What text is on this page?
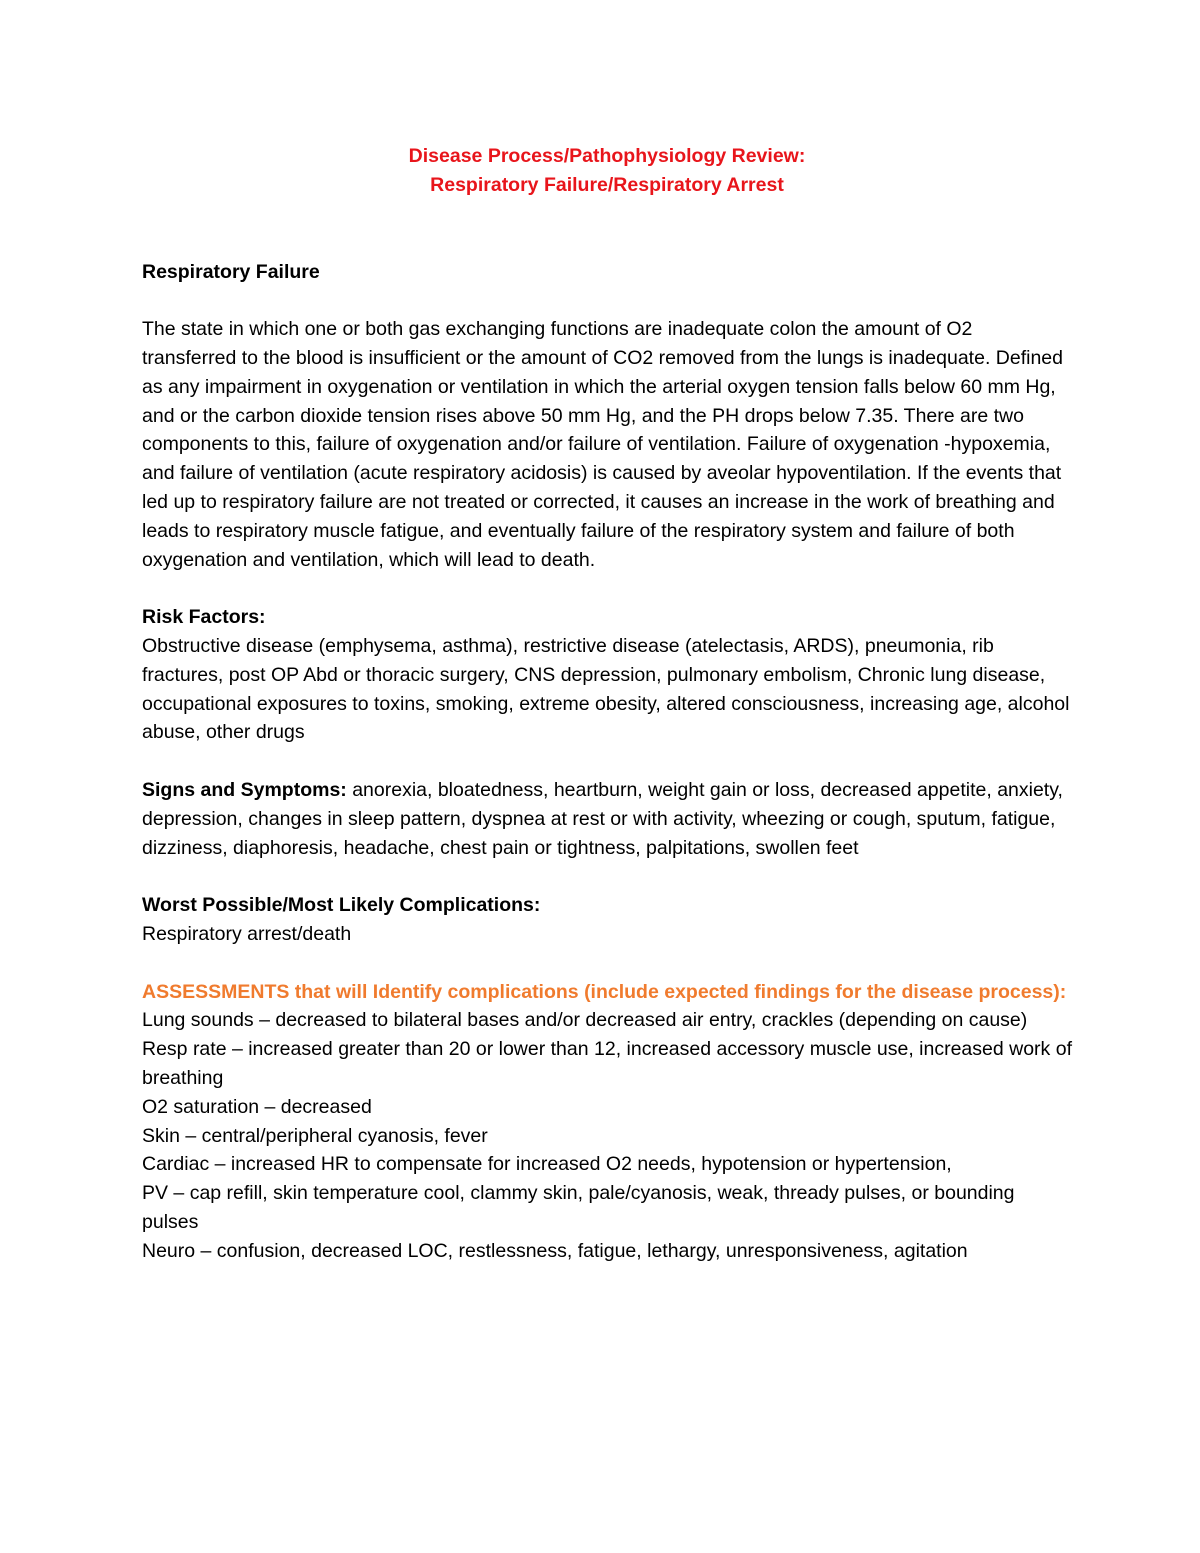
Disease Process/Pathophysiology Review:
Respiratory Failure/Respiratory Arrest

Respiratory Failure

The state in which one or both gas exchanging functions are inadequate colon the amount of O2 transferred to the blood is insufficient or the amount of CO2 removed from the lungs is inadequate. Defined as any impairment in oxygenation or ventilation in which the arterial oxygen tension falls below 60 mm Hg, and or the carbon dioxide tension rises above 50 mm Hg, and the PH drops below 7.35. There are two components to this, failure of oxygenation and/or failure of ventilation. Failure of oxygenation -hypoxemia, and failure of ventilation (acute respiratory acidosis) is caused by aveolar hypoventilation. If the events that led up to respiratory failure are not treated or corrected, it causes an increase in the work of breathing and leads to respiratory muscle fatigue, and eventually failure of the respiratory system and failure of both oxygenation and ventilation, which will lead to death.

Risk Factors:

Obstructive disease (emphysema, asthma), restrictive disease (atelectasis, ARDS), pneumonia, rib fractures, post OP Abd or thoracic surgery, CNS depression, pulmonary embolism, Chronic lung disease, occupational exposures to toxins, smoking, extreme obesity, altered consciousness, increasing age, alcohol abuse, other drugs

Signs and Symptoms: anorexia, bloatedness, heartburn, weight gain or loss, decreased appetite, anxiety, depression, changes in sleep pattern, dyspnea at rest or with activity, wheezing or cough, sputum, fatigue, dizziness, diaphoresis, headache, chest pain or tightness, palpitations, swollen feet

Worst Possible/Most Likely Complications:

Respiratory arrest/death

ASSESSMENTS that will Identify complications (include expected findings for the disease process):

Lung sounds – decreased to bilateral bases and/or decreased air entry, crackles (depending on cause)

Resp rate – increased greater than 20 or lower than 12, increased accessory muscle use, increased work of breathing

O2 saturation – decreased

Skin – central/peripheral cyanosis, fever

Cardiac – increased HR to compensate for increased O2 needs, hypotension or hypertension,

PV – cap refill, skin temperature cool, clammy skin, pale/cyanosis, weak, thready pulses, or bounding pulses

Neuro – confusion, decreased LOC, restlessness, fatigue, lethargy, unresponsiveness, agitation
